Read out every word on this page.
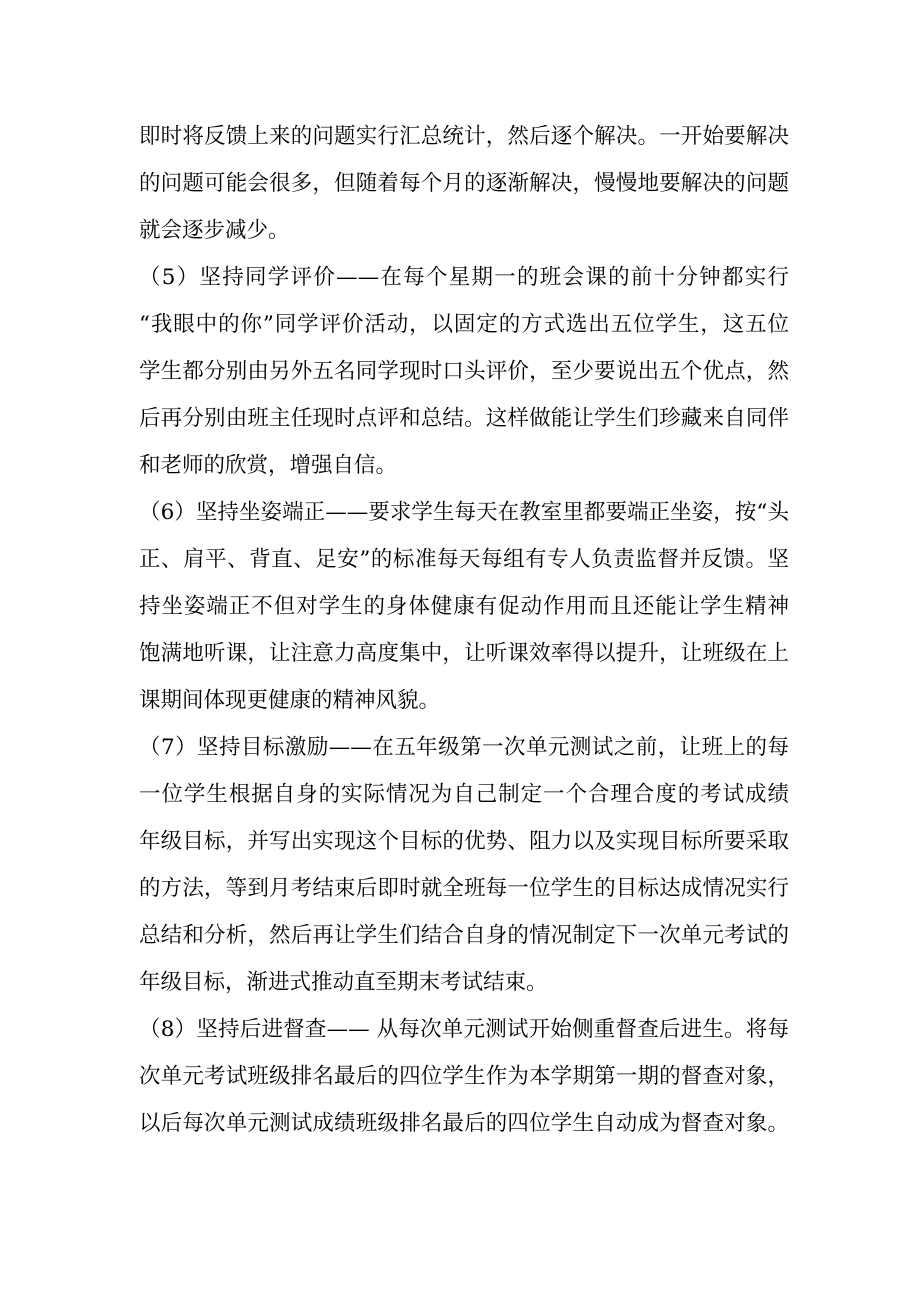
即时将反馈上来的问题实行汇总统计，然后逐个解决。一开始要解决
的问题可能会很多，但随着每个月的逐渐解决，慢慢地要解决的问题
就会逐步减少。
（5）坚持同学评价——在每个星期一的班会课的前十分钟都实行
“我眼中的你”同学评价活动，以固定的方式选出五位学生，这五位
学生都分别由另外五名同学现时口头评价，至少要说出五个优点，然
后再分别由班主任现时点评和总结。这样做能让学生们珍藏来自同伴
和老师的欣赏，增强自信。
（6）坚持坐姿端正——要求学生每天在教室里都要端正坐姿，按“头
正、肩平、背直、足安”的标准每天每组有专人负责监督并反馈。坚
持坐姿端正不但对学生的身体健康有促动作用而且还能让学生精神
饱满地听课，让注意力高度集中，让听课效率得以提升，让班级在上
课期间体现更健康的精神风貌。
（7）坚持目标激励——在五年级第一次单元测试之前，让班上的每
一位学生根据自身的实际情况为自己制定一个合理合度的考试成绩
年级目标，并写出实现这个目标的优势、阻力以及实现目标所要采取
的方法，等到月考结束后即时就全班每一位学生的目标达成情况实行
总结和分析，然后再让学生们结合自身的情况制定下一次单元考试的
年级目标，渐进式推动直至期末考试结束。
（8）坚持后进督查—— 从每次单元测试开始侧重督查后进生。将每
次单元考试班级排名最后的四位学生作为本学期第一期的督查对象，
以后每次单元测试成绩班级排名最后的四位学生自动成为督查对象。
